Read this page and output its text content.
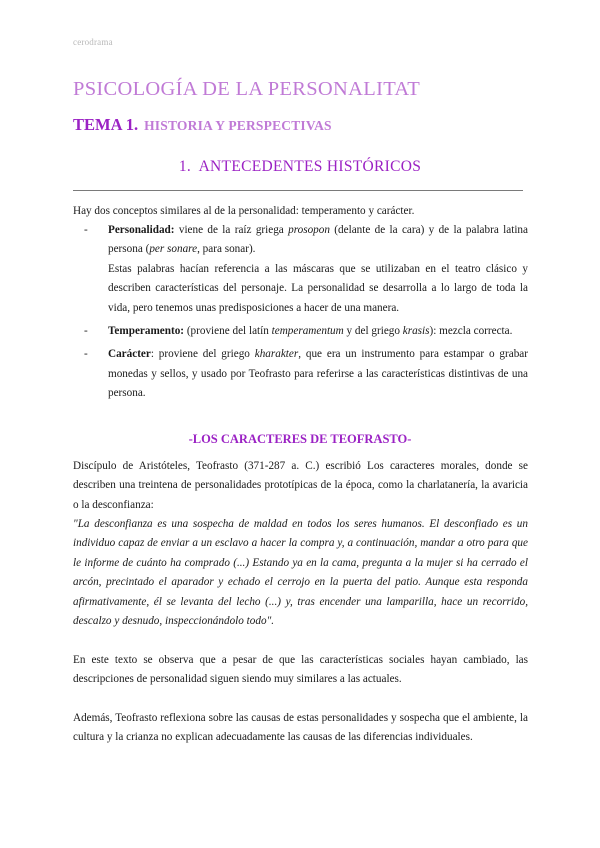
cerodrama
PSICOLOGÍA DE LA PERSONALITAT
TEMA 1. HISTORIA Y PERSPECTIVAS
1. ANTECEDENTES HISTÓRICOS

Hay dos conceptos similares al de la personalidad: temperamento y carácter.

- Personalidad: viene de la raíz griega prosopon (delante de la cara) y de la palabra latina persona (per sonare, para sonar).
Estas palabras hacían referencia a las máscaras que se utilizaban en el teatro clásico y describen características del personaje. La personalidad se desarrolla a lo largo de toda la vida, pero tenemos unas predisposiciones a hacer de una manera.
- Temperamento: (proviene del latín temperamentum y del griego krasis): mezcla correcta.
- Carácter: proviene del griego kharakter, que era un instrumento para estampar o grabar monedas y sellos, y usado por Teofrasto para referirse a las características distintivas de una persona.
-LOS CARACTERES DE TEOFRASTO-

Discípulo de Aristóteles, Teofrasto (371-287 a. C.) escribió Los caracteres morales, donde se describen una treintena de personalidades prototípicas de la época, como la charlatanería, la avaricia o la desconfianza:

"La desconfianza es una sospecha de maldad en todos los seres humanos. El desconfiado es un individuo capaz de enviar a un esclavo a hacer la compra y, a continuación, mandar a otro para que le informe de cuánto ha comprado (...) Estando ya en la cama, pregunta a la mujer si ha cerrado el arcón, precintado el aparador y echado el cerrojo en la puerta del patio. Aunque esta responda afirmativamente, él se levanta del lecho (...) y, tras encender una lamparilla, hace un recorrido, descalzo y desnudo, inspeccionándolo todo".

En este texto se observa que a pesar de que las características sociales hayan cambiado, las descripciones de personalidad siguen siendo muy similares a las actuales.

Además, Teofrasto reflexiona sobre las causas de estas personalidades y sospecha que el ambiente, la cultura y la crianza no explican adecuadamente las causas de las diferencias individuales.
